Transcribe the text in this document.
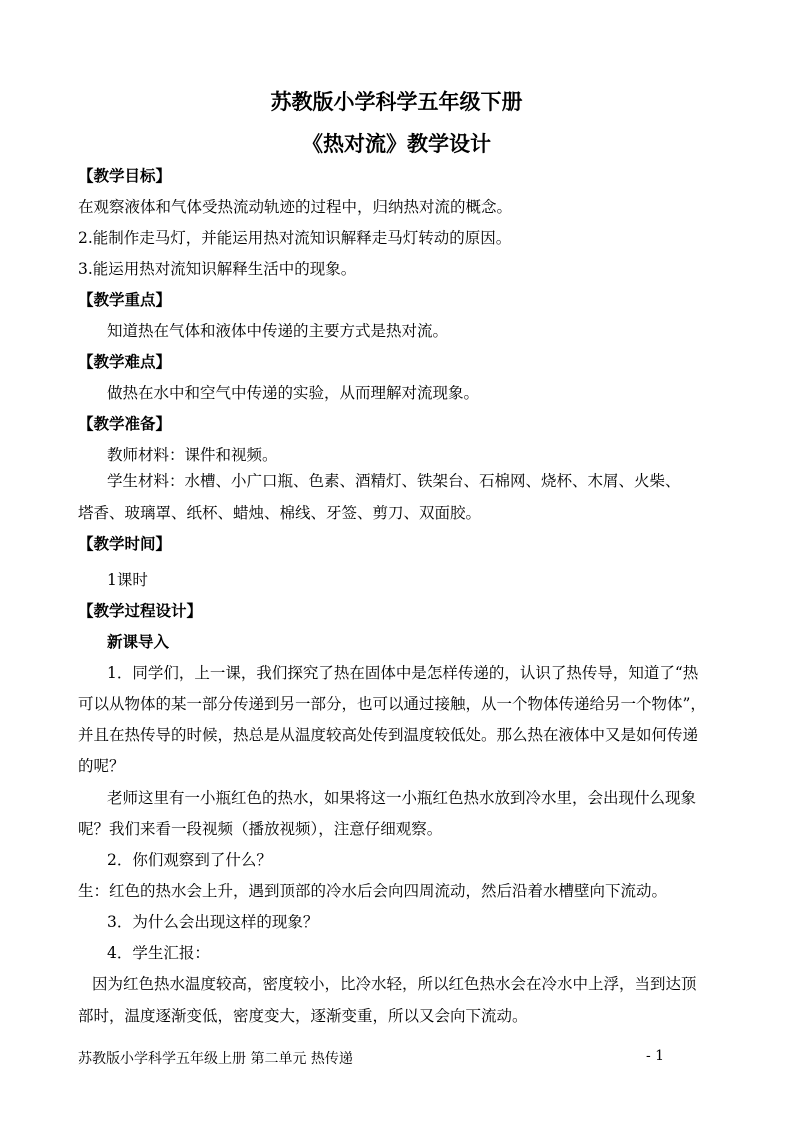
苏教版小学科学五年级下册
《热对流》教学设计
【教学目标】
在观察液体和气体受热流动轨迹的过程中，归纳热对流的概念。
2.能制作走马灯，并能运用热对流知识解释走马灯转动的原因。
3.能运用热对流知识解释生活中的现象。
【教学重点】
知道热在气体和液体中传递的主要方式是热对流。
【教学难点】
做热在水中和空气中传递的实验，从而理解对流现象。
【教学准备】
教师材料：课件和视频。
学生材料：水槽、小广口瓶、色素、酒精灯、铁架台、石棉网、烧杯、木屑、火柴、
塔香、玻璃罩、纸杯、蜡烛、棉线、牙签、剪刀、双面胶。
【教学时间】
1课时
【教学过程设计】
新课导入
1．同学们，上一课，我们探究了热在固体中是怎样传递的，认识了热传导，知道了“热
可以从物体的某一部分传递到另一部分，也可以通过接触，从一个物体传递给另一个物体”，
并且在热传导的时候，热总是从温度较高处传到温度较低处。那么热在液体中又是如何传递
的呢？
老师这里有一小瓶红色的热水，如果将这一小瓶红色热水放到冷水里，会出现什么现象
呢？我们来看一段视频（播放视频），注意仔细观察。
2．你们观察到了什么？
生：红色的热水会上升，遇到顶部的冷水后会向四周流动，然后沿着水槽壁向下流动。
3．为什么会出现这样的现象？
4．学生汇报：
因为红色热水温度较高，密度较小，比冷水轻，所以红色热水会在冷水中上浮，当到达顶
部时，温度逐渐变低，密度变大，逐渐变重，所以又会向下流动。
苏教版小学科学五年级上册 第二单元 热传递	- 1
